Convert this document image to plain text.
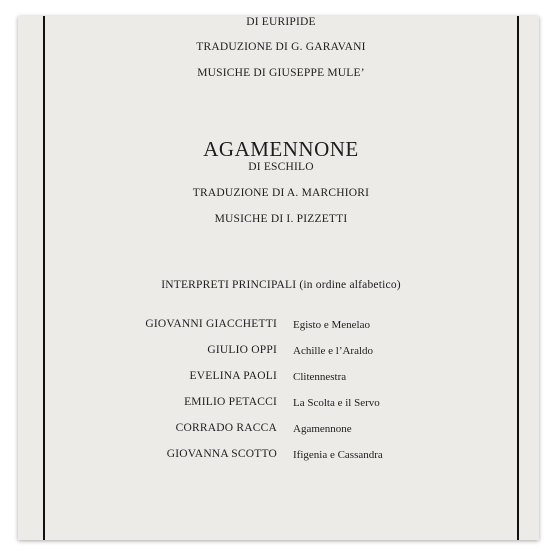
DI EURIPIDE
TRADUZIONE DI G. GARAVANI
MUSICHE DI GIUSEPPE MULE’
AGAMENNONE
DI ESCHILO
TRADUZIONE DI A. MARCHIORI
MUSICHE DI I. PIZZETTI
INTERPRETI PRINCIPALI (in ordine alfabetico)
GIOVANNI GIACCHETTI Egisto e Menelao
GIULIO OPPI Achille e l’Araldo
EVELINA PAOLI Clitennestra
EMILIO PETACCI La Scolta e il Servo
CORRADO RACCA Agamennone
GIOVANNA SCOTTO Ifigenia e Cassandra
